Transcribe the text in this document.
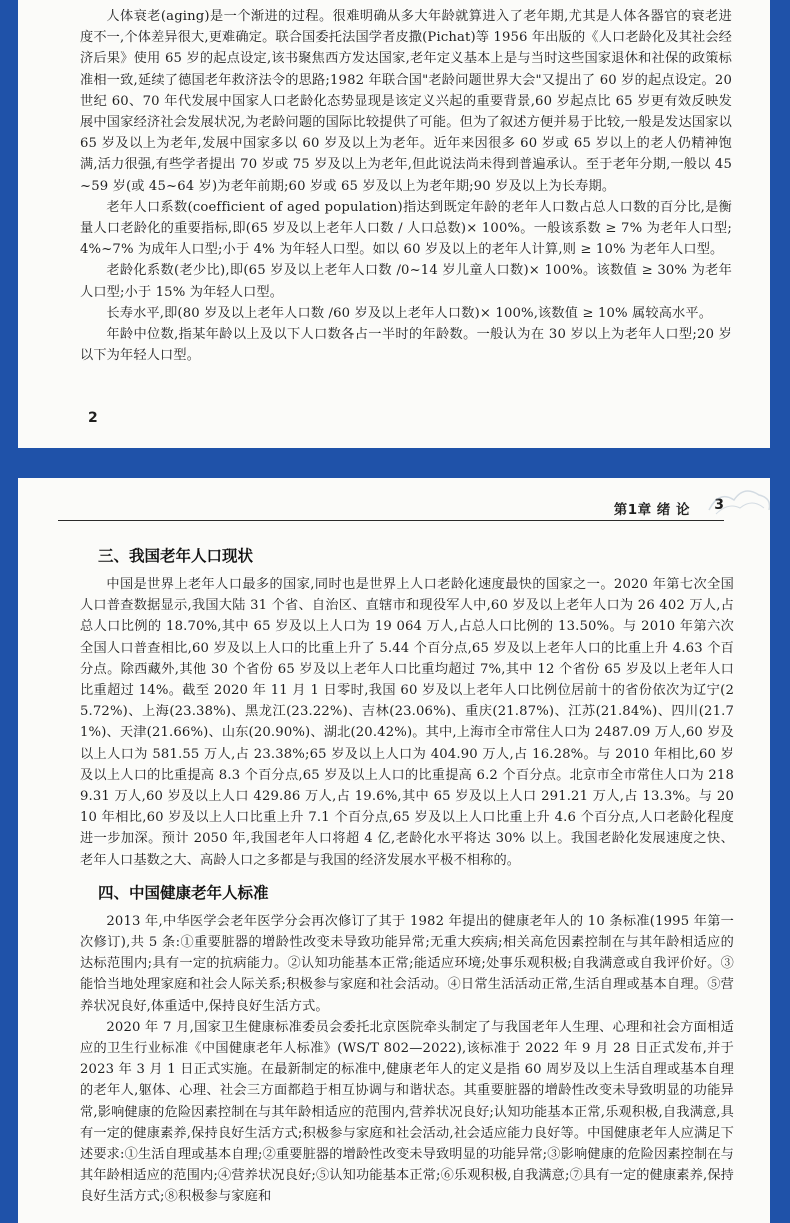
人体衰老(aging)是一个渐进的过程。很难明确从多大年龄就算进入了老年期,尤其是人体各器官的衰老进度不一,个体差异很大,更难确定。联合国委托法国学者皮撒(Pichat)等 1956 年出版的《人口老龄化及其社会经济后果》使用 65 岁的起点设定,该书聚焦西方发达国家,老年定义基本上是与当时这些国家退休和社保的政策标准相一致,延续了德国老年救济法令的思路;1982 年联合国"老龄问题世界大会"又提出了 60 岁的起点设定。20 世纪 60、70 年代发展中国家人口老龄化态势显现是该定义兴起的重要背景,60 岁起点比 65 岁更有效反映发展中国家经济社会发展状况,为老龄问题的国际比较提供了可能。但为了叙述方便并易于比较,一般是发达国家以 65 岁及以上为老年,发展中国家多以 60 岁及以上为老年。近年来因很多 60 岁或 65 岁以上的老人仍精神饱满,活力很强,有些学者提出 70 岁或 75 岁及以上为老年,但此说法尚未得到普遍承认。至于老年分期,一般以 45~59 岁(或 45~64 岁)为老年前期;60 岁或 65 岁及以上为老年期;90 岁及以上为长寿期。

老年人口系数(coefficient of aged population)指达到既定年龄的老年人口数占总人口数的百分比,是衡量人口老龄化的重要指标,即(65 岁及以上老年人口数 / 人口总数)× 100%。一般该系数 ≥ 7% 为老年人口型;4%~7% 为成年人口型;小于 4% 为年轻人口型。如以 60 岁及以上的老年人计算,则 ≥ 10% 为老年人口型。

老龄化系数(老少比),即(65 岁及以上老年人口数 /0~14 岁儿童人口数)× 100%。该数值 ≥ 30% 为老年人口型;小于 15% 为年轻人口型。

长寿水平,即(80 岁及以上老年人口数 /60 岁及以上老年人口数)× 100%,该数值 ≥ 10% 属较高水平。

年龄中位数,指某年龄以上及以下人口数各占一半时的年龄数。一般认为在 30 岁以上为老年人口型;20 岁以下为年轻人口型。

2
第1章 绪 论 3
三、我国老年人口现状

中国是世界上老年人口最多的国家,同时也是世界上人口老龄化速度最快的国家之一。2020 年第七次全国人口普查数据显示,我国大陆 31 个省、自治区、直辖市和现役军人中,60 岁及以上老年人口为 26 402 万人,占总人口比例的 18.70%,其中 65 岁及以上人口为 19 064 万人,占总人口比例的 13.50%。与 2010 年第六次全国人口普查相比,60 岁及以上人口的比重上升了 5.44 个百分点,65 岁及以上老年人口的比重上升 4.63 个百分点。除西藏外,其他 30 个省份 65 岁及以上老年人口比重均超过 7%,其中 12 个省份 65 岁及以上老年人口比重超过 14%。截至 2020 年 11 月 1 日零时,我国 60 岁及以上老年人口比例位居前十的省份依次为辽宁(25.72%)、上海(23.38%)、黑龙江(23.22%)、吉林(23.06%)、重庆(21.87%)、江苏(21.84%)、四川(21.71%)、天津(21.66%)、山东(20.90%)、湖北(20.42%)。其中,上海市全市常住人口为 2487.09 万人,60 岁及以上人口为 581.55 万人,占 23.38%;65 岁及以上人口为 404.90 万人,占 16.28%。与 2010 年相比,60 岁及以上人口的比重提高 8.3 个百分点,65 岁及以上人口的比重提高 6.2 个百分点。北京市全市常住人口为 2189.31 万人,60 岁及以上人口 429.86 万人,占 19.6%,其中 65 岁及以上人口 291.21 万人,占 13.3%。与 2010 年相比,60 岁及以上人口比重上升 7.1 个百分点,65 岁及以上人口比重上升 4.6 个百分点,人口老龄化程度进一步加深。预计 2050 年,我国老年人口将超 4 亿,老龄化水平将达 30% 以上。我国老龄化发展速度之快、老年人口基数之大、高龄人口之多都是与我国的经济发展水平极不相称的。

四、中国健康老年人标准

2013 年,中华医学会老年医学分会再次修订了其于 1982 年提出的健康老年人的 10 条标准(1995 年第一次修订),共 5 条:①重要脏器的增龄性改变未导致功能异常;无重大疾病;相关高危因素控制在与其年龄相适应的达标范围内;具有一定的抗病能力。②认知功能基本正常;能适应环境;处事乐观积极;自我满意或自我评价好。③能恰当地处理家庭和社会人际关系;积极参与家庭和社会活动。④日常生活活动正常,生活自理或基本自理。⑤营养状况良好,体重适中,保持良好生活方式。

2020 年 7 月,国家卫生健康标准委员会委托北京医院牵头制定了与我国老年人生理、心理和社会方面相适应的卫生行业标准《中国健康老年人标准》(WS/T 802—2022),该标准于 2022 年 9 月 28 日正式发布,并于 2023 年 3 月 1 日正式实施。在最新制定的标准中,健康老年人的定义是指 60 周岁及以上生活自理或基本自理的老年人,躯体、心理、社会三方面都趋于相互协调与和谐状态。其重要脏器的增龄性改变未导致明显的功能异常,影响健康的危险因素控制在与其年龄相适应的范围内,营养状况良好;认知功能基本正常,乐观积极,自我满意,具有一定的健康素养,保持良好生活方式;积极参与家庭和社会活动,社会适应能力良好等。中国健康老年人应满足下述要求:①生活自理或基本自理;②重要脏器的增龄性改变未导致明显的功能异常;③影响健康的危险因素控制在与其年龄相适应的范围内;④营养状况良好;⑤认知功能基本正常;⑥乐观积极,自我满意;⑦具有一定的健康素养,保持良好生活方式;⑧积极参与家庭和
